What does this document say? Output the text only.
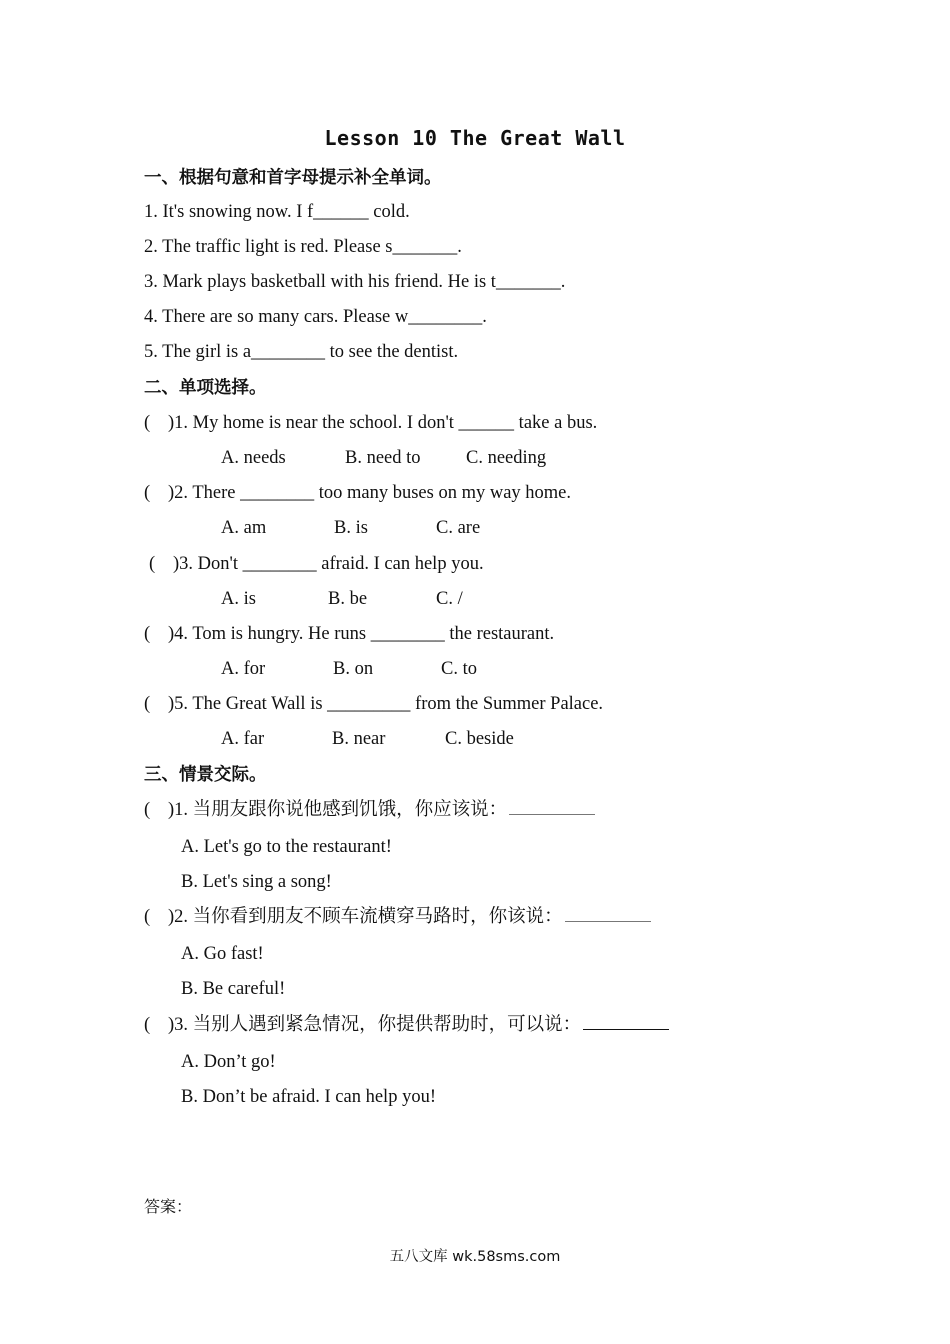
Lesson 10 The Great Wall
一、根据句意和首字母提示补全单词。
1. It's snowing now. I f______ cold.
2. The traffic light is red. Please s_______.
3. Mark plays basketball with his friend. He is t_______.
4. There are so many cars. Please w________.
5. The girl is a________ to see the dentist.
二、单项选择。
( )1. My home is near the school. I don't ______ take a bus.
A. needs	B. need to C. needing
( )2. There ________ too many buses on my way home.
A. am	B. is	C. are
( )3. Don't ________ afraid. I can help you.
A. is	B. be	C. /
( )4. Tom is hungry. He runs ________ the restaurant.
A. for	B. on	C. to
( )5. The Great Wall is _________ from the Summer Palace.
A. far	B. near	C. beside
三、情景交际。
( )1. 当朋友跟你说他感到饥饿，你应该说：
A. Let's go to the restaurant!
B. Let's sing a song!
( )2. 当你看到朋友不顾车流横穿马路时，你该说：
A. Go fast!
B. Be careful!
( )3. 当别人遇到紧急情况，你提供帮助时，可以说：
A. Don’t go!
B. Don’t be afraid. I can help you!
答案：
五八文库 wk.58sms.com
